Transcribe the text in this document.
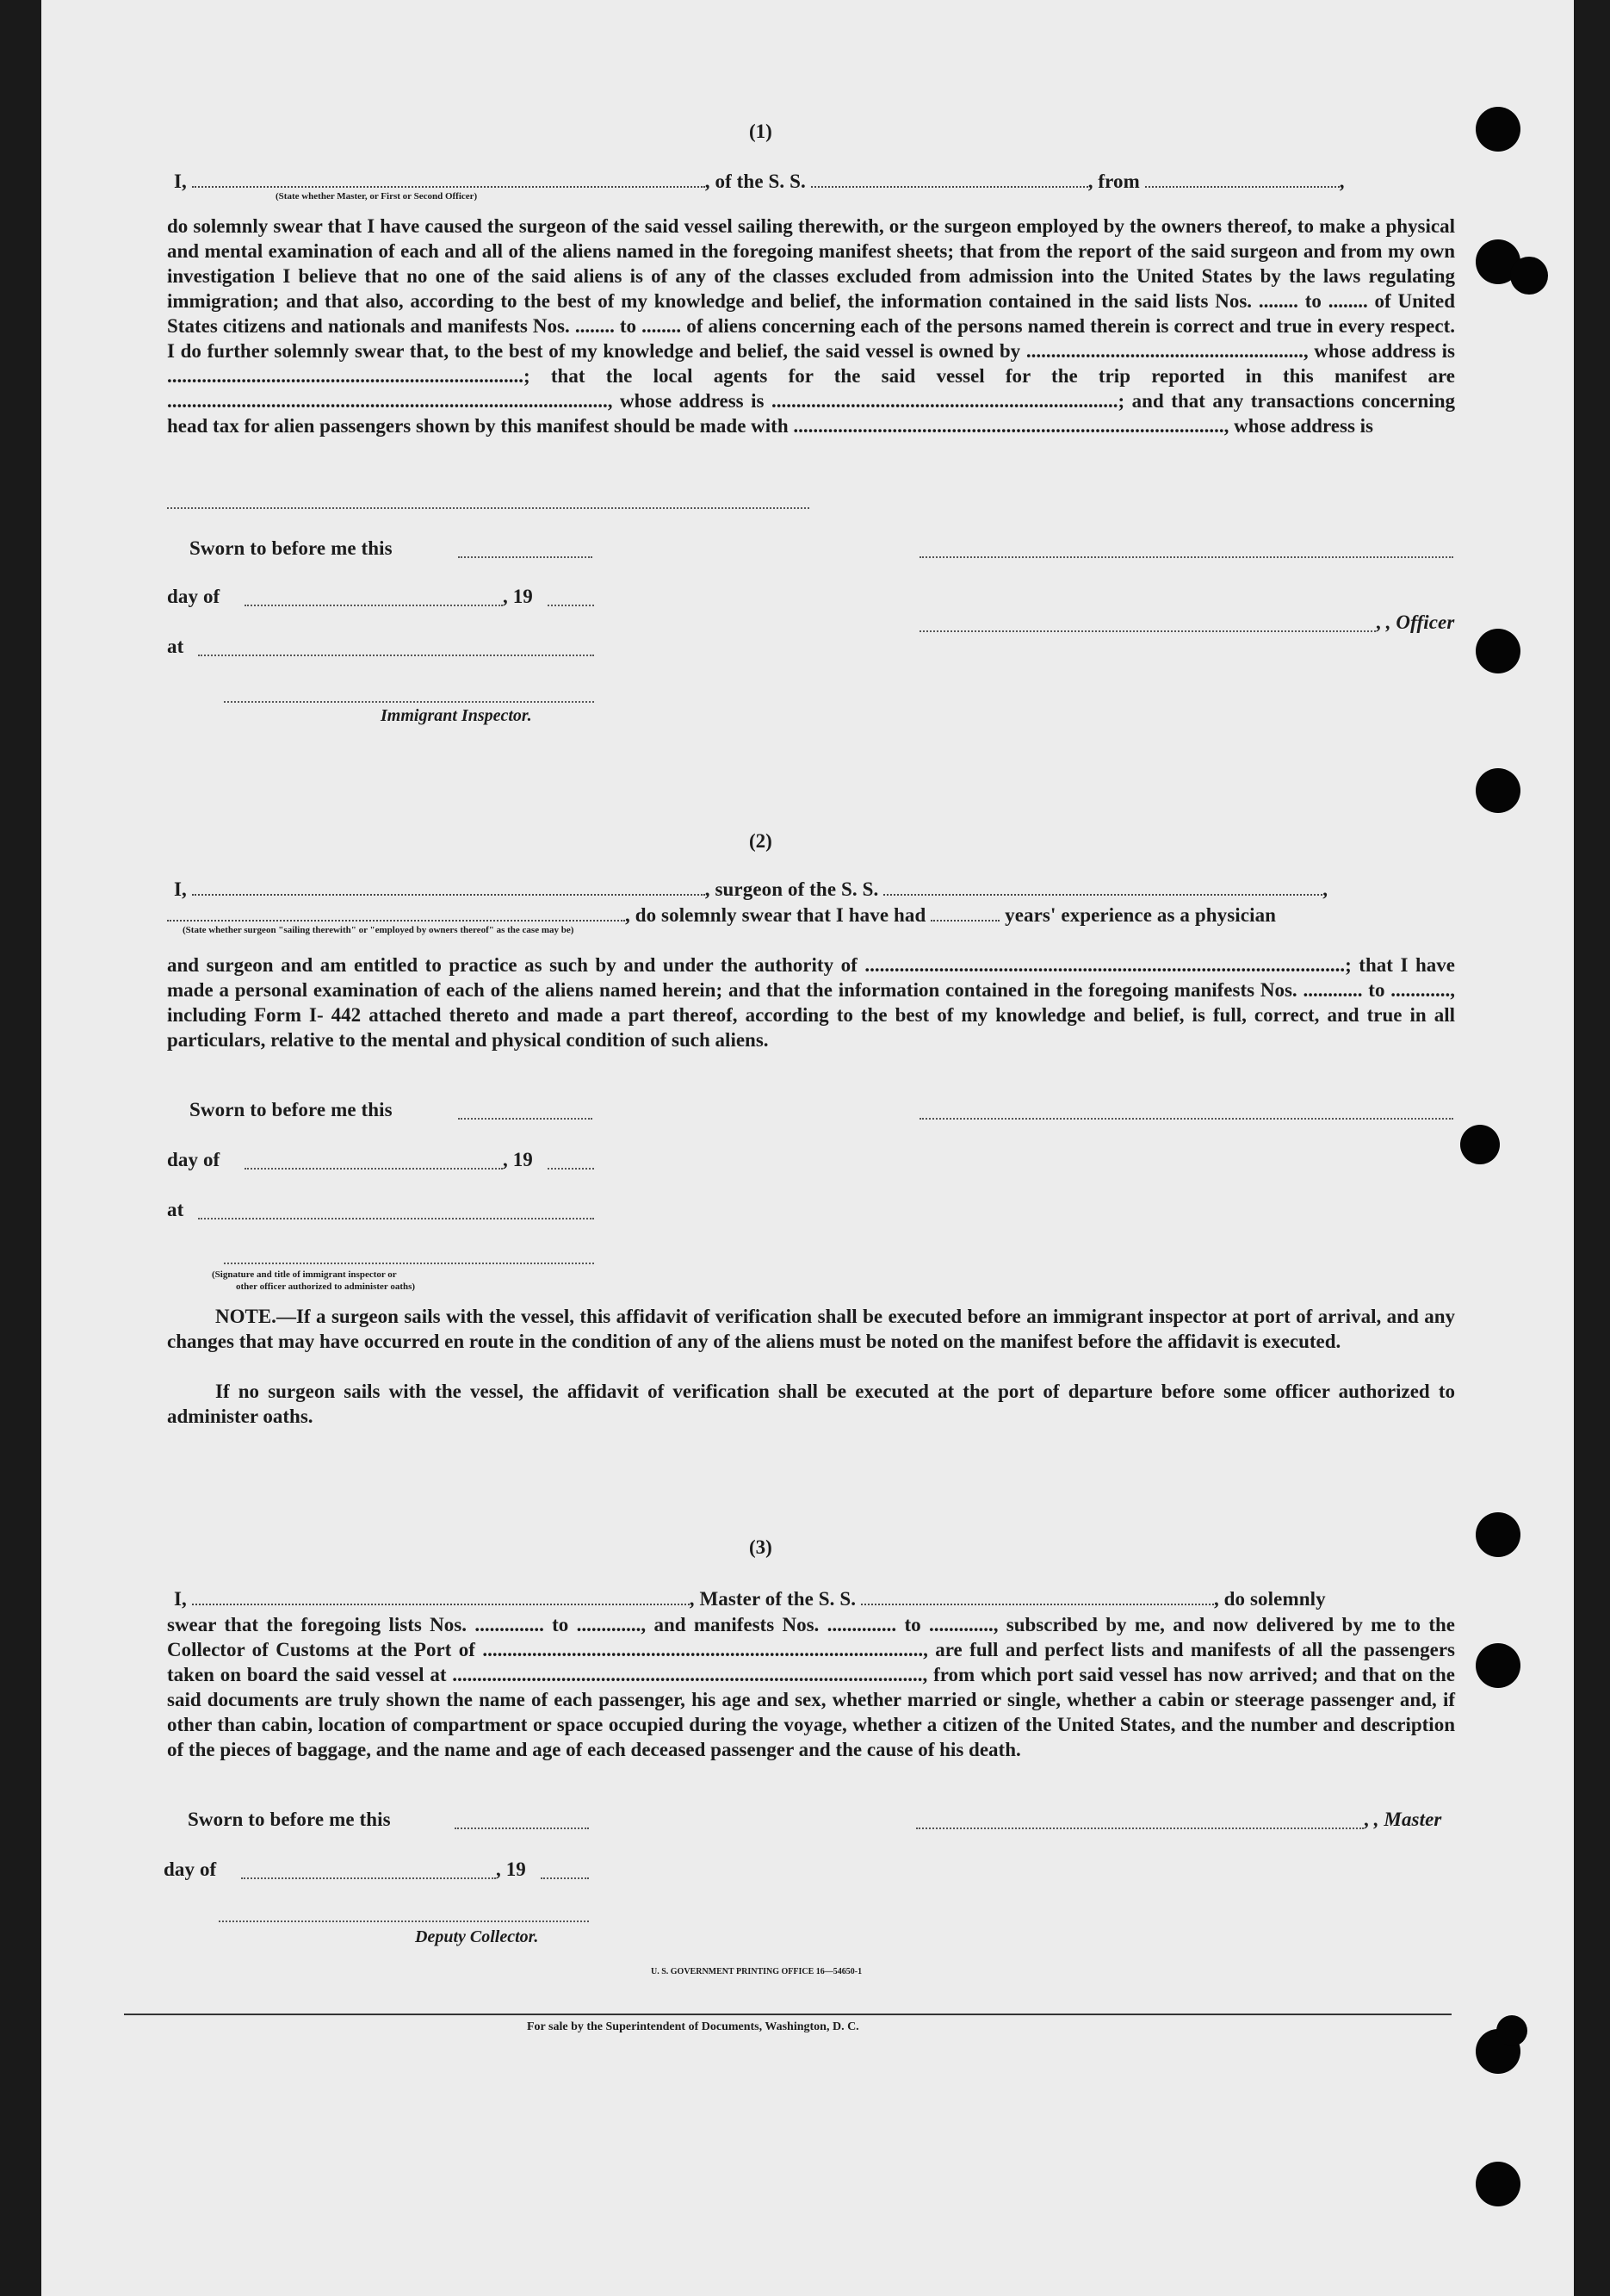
(1)
I,	, of the S. S.	, from	,
(State whether Master, or First or Second Officer)
do solemnly swear that I have caused the surgeon of the said vessel sailing therewith, or the surgeon employed by the owners thereof, to make a physical and mental examination of each and all of the aliens named in the foregoing manifest sheets; that from the report of the said surgeon and from my own investigation I believe that no one of the said aliens is of any of the classes excluded from admission into the United States by the laws regulating immigration; and that also, according to the best of my knowledge and belief, the information contained in the said lists Nos. ........ to ........ of United States citizens and nationals and manifests Nos. ........ to ........ of aliens concerning each of the persons named therein is correct and true in every respect. I do further solemnly swear that, to the best of my knowledge and belief, the said vessel is owned by ........................................................, whose address is ........................................................................; that the local agents for the said vessel for the trip reported in this manifest are ........................................................................................., whose address is ......................................................................; and that any transactions concerning head tax for alien passengers shown by this manifest should be made with ......................................................................................., whose address is
Sworn to before me this
day of	, 19
, , Officer
at
Immigrant Inspector.
(2)
I,	, surgeon of the S. S.	,
, do solemnly swear that I have had	years' experience as a physician
(State whether surgeon "sailing therewith" or "employed by owners thereof" as the case may be)
and surgeon and am entitled to practice as such by and under the authority of .................................................................................................; that I have made a personal examination of each of the aliens named herein; and that the information contained in the foregoing manifests Nos. ............ to ............, including Form I- 442 attached thereto and made a part thereof, according to the best of my knowledge and belief, is full, correct, and true in all particulars, relative to the mental and physical condition of such aliens.
Sworn to before me this
day of	, 19
at
(Signature and title of immigrant inspector or
other officer authorized to administer oaths)
NOTE.—If a surgeon sails with the vessel, this affidavit of verification shall be executed before an immigrant inspector at port of arrival, and any changes that may have occurred en route in the condition of any of the aliens must be noted on the manifest before the affidavit is executed.
If no surgeon sails with the vessel, the affidavit of verification shall be executed at the port of departure before some officer authorized to administer oaths.
(3)
I,	, Master of the S. S.	, do solemnly
swear that the foregoing lists Nos. .............. to ............., and manifests Nos. .............. to ............., subscribed by me, and now delivered by me to the Collector of Customs at the Port of ........................................................................................., are full and perfect lists and manifests of all the passengers taken on board the said vessel at ..............................................................................................., from which port said vessel has now arrived; and that on the said documents are truly shown the name of each passenger, his age and sex, whether married or single, whether a cabin or steerage passenger and, if other than cabin, location of compartment or space occupied during the voyage, whether a citizen of the United States, and the number and description of the pieces of baggage, and the name and age of each deceased passenger and the cause of his death.
Sworn to before me this	, , Master
day of	, 19
Deputy Collector.
U. S. GOVERNMENT PRINTING OFFICE 16—54650-1
For sale by the Superintendent of Documents, Washington, D. C.
